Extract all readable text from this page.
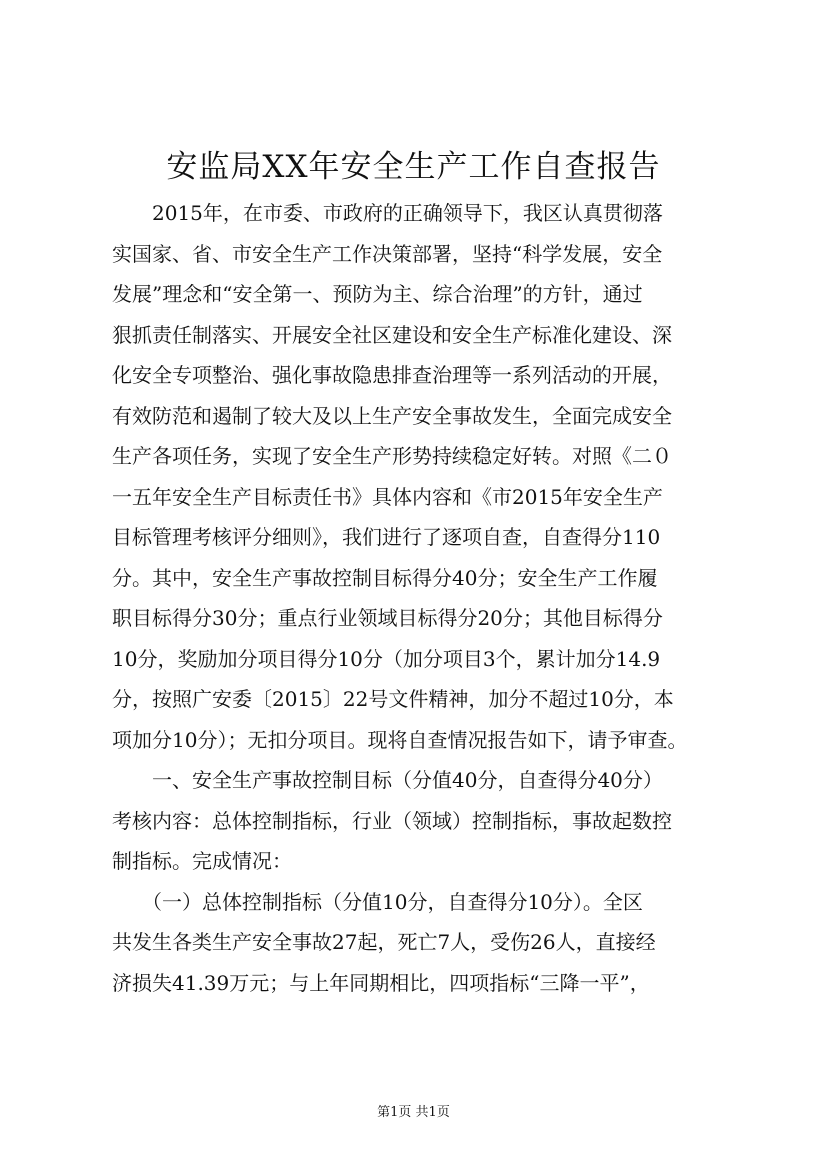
安监局XX年安全生产工作自查报告
　　2015年，在市委、市政府的正确领导下，我区认真贯彻落
实国家、省、市安全生产工作决策部署，坚持“科学发展，安全
发展”理念和“安全第一、预防为主、综合治理”的方针，通过
狠抓责任制落实、开展安全社区建设和安全生产标准化建设、深
化安全专项整治、强化事故隐患排查治理等一系列活动的开展，
有效防范和遏制了较大及以上生产安全事故发生，全面完成安全
生产各项任务，实现了安全生产形势持续稳定好转。对照《二０
一五年安全生产目标责任书》具体内容和《市2015年安全生产
目标管理考核评分细则》，我们进行了逐项自查，自查得分110
分。其中，安全生产事故控制目标得分40分；安全生产工作履
职目标得分30分；重点行业领域目标得分20分；其他目标得分
10分，奖励加分项目得分10分（加分项目3个，累计加分14.9
分，按照广安委〔2015〕22号文件精神，加分不超过10分，本
项加分10分）；无扣分项目。现将自查情况报告如下，请予审查。
　　一、安全生产事故控制目标（分值40分，自查得分40分）
考核内容：总体控制指标，行业（领域）控制指标，事故起数控
制指标。完成情况：
　　（一）总体控制指标（分值10分，自查得分10分）。全区
共发生各类生产安全事故27起，死亡7人，受伤26人，直接经
济损失41.39万元；与上年同期相比，四项指标“三降一平”，
第1页 共1页
